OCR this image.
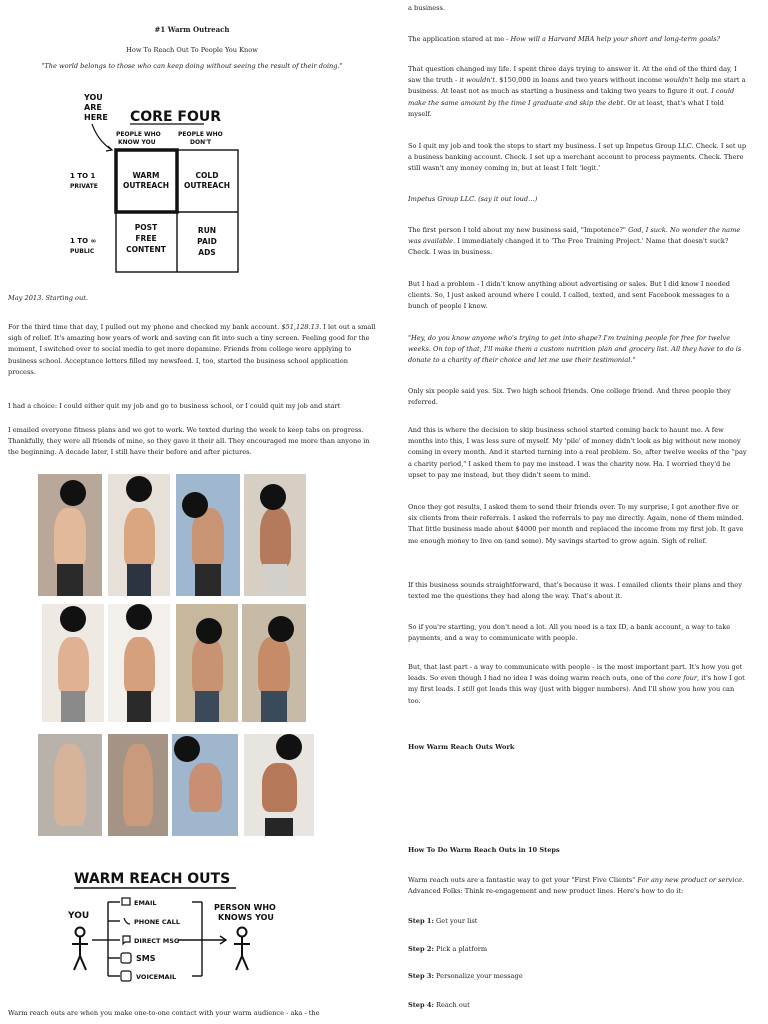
#1 Warm Outreach

How To Reach Out To People You Know

"The world belongs to those who can keep doing without seeing the result of their doing."

YOU
ARE
HERE CORE FOUR
PEOPLE WHO
KNOW YOU
PEOPLE WHO
DON'T
1 TO 1
PRIVATE
1 TO ∞
PUBLIC
WARM
OUTREACH
COLD
OUTREACH
POST
FREE
CONTENT
RUN
PAID
ADS

May 2013. Starting out.

For the third time that day, I pulled out my phone and checked my bank account. $51,128.13. I let out a small sigh of relief. It's amazing how years of work and saving can fit into such a tiny screen. Feeling good for the moment, I switched over to social media to get more dopamine. Friends from college were applying to business school. Acceptance letters filled my newsfeed. I, too, started the business school application process.

I had a choice: I could either quit my job and go to business school, or I could quit my job and start

I emailed everyone fitness plans and we got to work. We texted during the week to keep tabs on progress. Thankfully, they were all friends of mine, so they gave it their all. They encouraged me more than anyone in the beginning. A decade later, I still have their before and after pictures.

WARM REACH OUTS
YOU
PERSON WHO
KNOWS YOU
EMAIL
PHONE CALL
DIRECT MSG
SMS
VOICEMAIL

Warm reach outs are when you make one-to-one contact with your warm audience - aka - the

a business.

The application stared at me - How will a Harvard MBA help your short and long-term goals?

That question changed my life. I spent three days trying to answer it. At the end of the third day, I saw the truth - it wouldn't. $150,000 in loans and two years without income wouldn't help me start a business. At least not as much as starting a business and taking two years to figure it out. I could make the same amount by the time I graduate and skip the debt. Or at least, that's what I told myself.

So I quit my job and took the steps to start my business. I set up Impetus Group LLC. Check. I set up a business banking account. Check. I set up a merchant account to process payments. Check. There still wasn't any money coming in, but at least I felt 'legit.'

Impetus Group LLC. (say it out loud…)

The first person I told about my new business said, "Impotence?" God, I suck. No wonder the name was available. I immediately changed it to 'The Free Training Project.' Name that doesn't suck? Check. I was in business.

But I had a problem - I didn't know anything about advertising or sales. But I did know I needed clients. So, I just asked around where I could. I called, texted, and sent Facebook messages to a bunch of people I knew.

"Hey, do you know anyone who's trying to get into shape? I'm training people for free for twelve weeks. On top of that, I'll make them a custom nutrition plan and grocery list. All they have to do is donate to a charity of their choice and let me use their testimonial."

Only six people said yes. Six. Two high school friends. One college friend. And three people they referred.

And this is where the decision to skip business school started coming back to haunt me. A few months into this, I was less sure of myself. My 'pile' of money didn't look as big without new money coming in every month. And it started turning into a real problem. So, after twelve weeks of the "pay a charity period," I asked them to pay me instead. I was the charity now. Ha. I worried they'd be upset to pay me instead, but they didn't seem to mind.

Once they got results, I asked them to send their friends over. To my surprise, I got another five or six clients from their referrals. I asked the referrals to pay me directly. Again, none of them minded. That little business made about $4000 per month and replaced the income from my first job. It gave me enough money to live on (and some). My savings started to grow again. Sigh of relief.

If this business sounds straightforward, that's because it was. I emailed clients their plans and they texted me the questions they had along the way. That's about it.

So if you're starting, you don't need a lot. All you need is a tax ID, a bank account, a way to take payments, and a way to communicate with people.

But, that last part - a way to communicate with people - is the most important part. It's how you get leads. So even though I had no idea I was doing warm reach outs, one of the core four, it's how I got my first leads. I still get leads this way (just with bigger numbers). And I'll show you how you can too.

How Warm Reach Outs Work

How To Do Warm Reach Outs in 10 Steps

Warm reach outs are a fantastic way to get your "First Five Clients" For any new product or service. Advanced Folks: Think re-engagement and new product lines. Here's how to do it:

Step 1: Get your list

Step 2: Pick a platform

Step 3: Personalize your message

Step 4: Reach out
